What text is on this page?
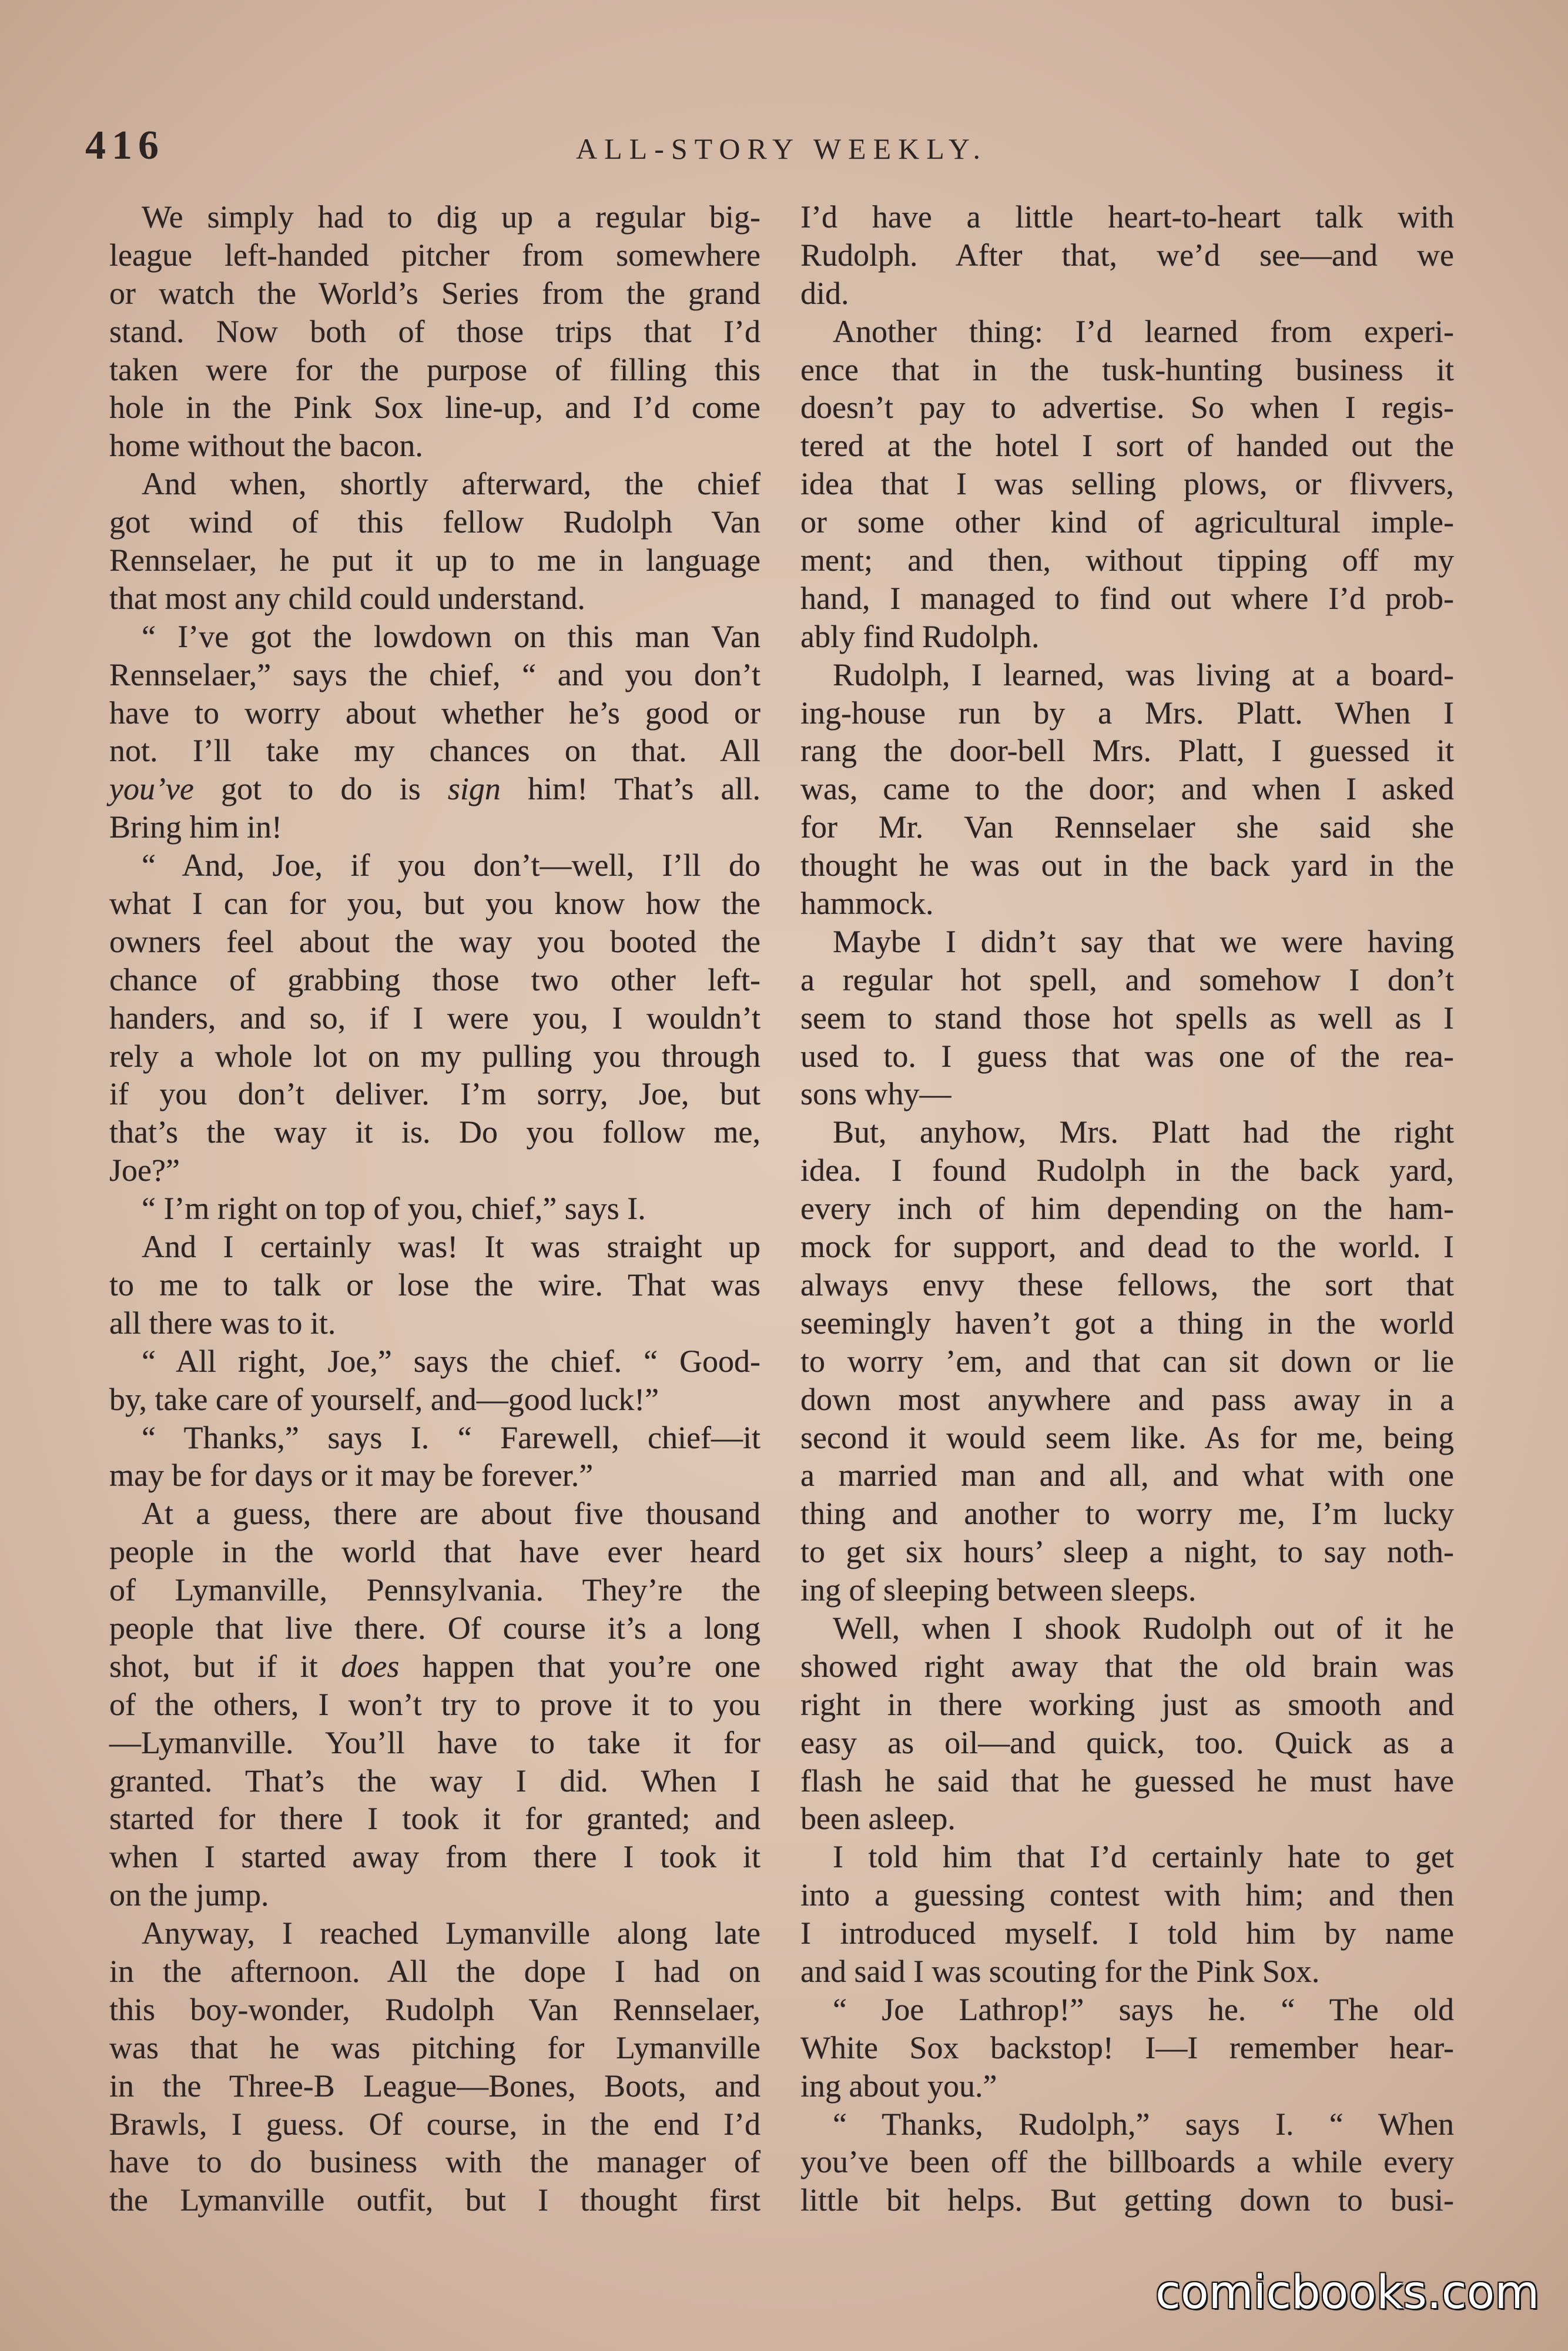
416	ALL-STORY WEEKLY.
We simply had to dig up a regular big-
league left-handed pitcher from somewhere
or watch the World’s Series from the grand
stand. Now both of those trips that I’d
taken were for the purpose of filling this
hole in the Pink Sox line-up, and I’d come
home without the bacon.
And when, shortly afterward, the chief
got wind of this fellow Rudolph Van
Rennselaer, he put it up to me in language
that most any child could understand.
“ I’ve got the lowdown on this man Van
Rennselaer,” says the chief, “ and you don’t
have to worry about whether he’s good or
not. I’ll take my chances on that. All
you’ve got to do is sign him! That’s all.
Bring him in!
“ And, Joe, if you don’t—well, I’ll do
what I can for you, but you know how the
owners feel about the way you booted the
chance of grabbing those two other left-
handers, and so, if I were you, I wouldn’t
rely a whole lot on my pulling you through
if you don’t deliver. I’m sorry, Joe, but
that’s the way it is. Do you follow me,
Joe?”
“ I’m right on top of you, chief,” says I.
And I certainly was! It was straight up
to me to talk or lose the wire. That was
all there was to it.
“ All right, Joe,” says the chief. “ Good-
by, take care of yourself, and—good luck!”
“ Thanks,” says I. “ Farewell, chief—it
may be for days or it may be forever.”
At a guess, there are about five thousand
people in the world that have ever heard
of Lymanville, Pennsylvania. They’re the
people that live there. Of course it’s a long
shot, but if it does happen that you’re one
of the others, I won’t try to prove it to you
—Lymanville. You’ll have to take it for
granted. That’s the way I did. When I
started for there I took it for granted; and
when I started away from there I took it
on the jump.
Anyway, I reached Lymanville along late
in the afternoon. All the dope I had on
this boy-wonder, Rudolph Van Rennselaer,
was that he was pitching for Lymanville
in the Three-B League—Bones, Boots, and
Brawls, I guess. Of course, in the end I’d
have to do business with the manager of
the Lymanville outfit, but I thought first
I’d have a little heart-to-heart talk with
Rudolph. After that, we’d see—and we
did.
Another thing: I’d learned from experi-
ence that in the tusk-hunting business it
doesn’t pay to advertise. So when I regis-
tered at the hotel I sort of handed out the
idea that I was selling plows, or flivvers,
or some other kind of agricultural imple-
ment; and then, without tipping off my
hand, I managed to find out where I’d prob-
ably find Rudolph.
Rudolph, I learned, was living at a board-
ing-house run by a Mrs. Platt. When I
rang the door-bell Mrs. Platt, I guessed it
was, came to the door; and when I asked
for Mr. Van Rennselaer she said she
thought he was out in the back yard in the
hammock.
Maybe I didn’t say that we were having
a regular hot spell, and somehow I don’t
seem to stand those hot spells as well as I
used to. I guess that was one of the rea-
sons why—
But, anyhow, Mrs. Platt had the right
idea. I found Rudolph in the back yard,
every inch of him depending on the ham-
mock for support, and dead to the world. I
always envy these fellows, the sort that
seemingly haven’t got a thing in the world
to worry ’em, and that can sit down or lie
down most anywhere and pass away in a
second it would seem like. As for me, being
a married man and all, and what with one
thing and another to worry me, I’m lucky
to get six hours’ sleep a night, to say noth-
ing of sleeping between sleeps.
Well, when I shook Rudolph out of it he
showed right away that the old brain was
right in there working just as smooth and
easy as oil—and quick, too. Quick as a
flash he said that he guessed he must have
been asleep.
I told him that I’d certainly hate to get
into a guessing contest with him; and then
I introduced myself. I told him by name
and said I was scouting for the Pink Sox.
“ Joe Lathrop!” says he. “ The old
White Sox backstop! I—I remember hear-
ing about you.”
“ Thanks, Rudolph,” says I. “ When
you’ve been off the billboards a while every
little bit helps. But getting down to busi-
comicbooks.com
